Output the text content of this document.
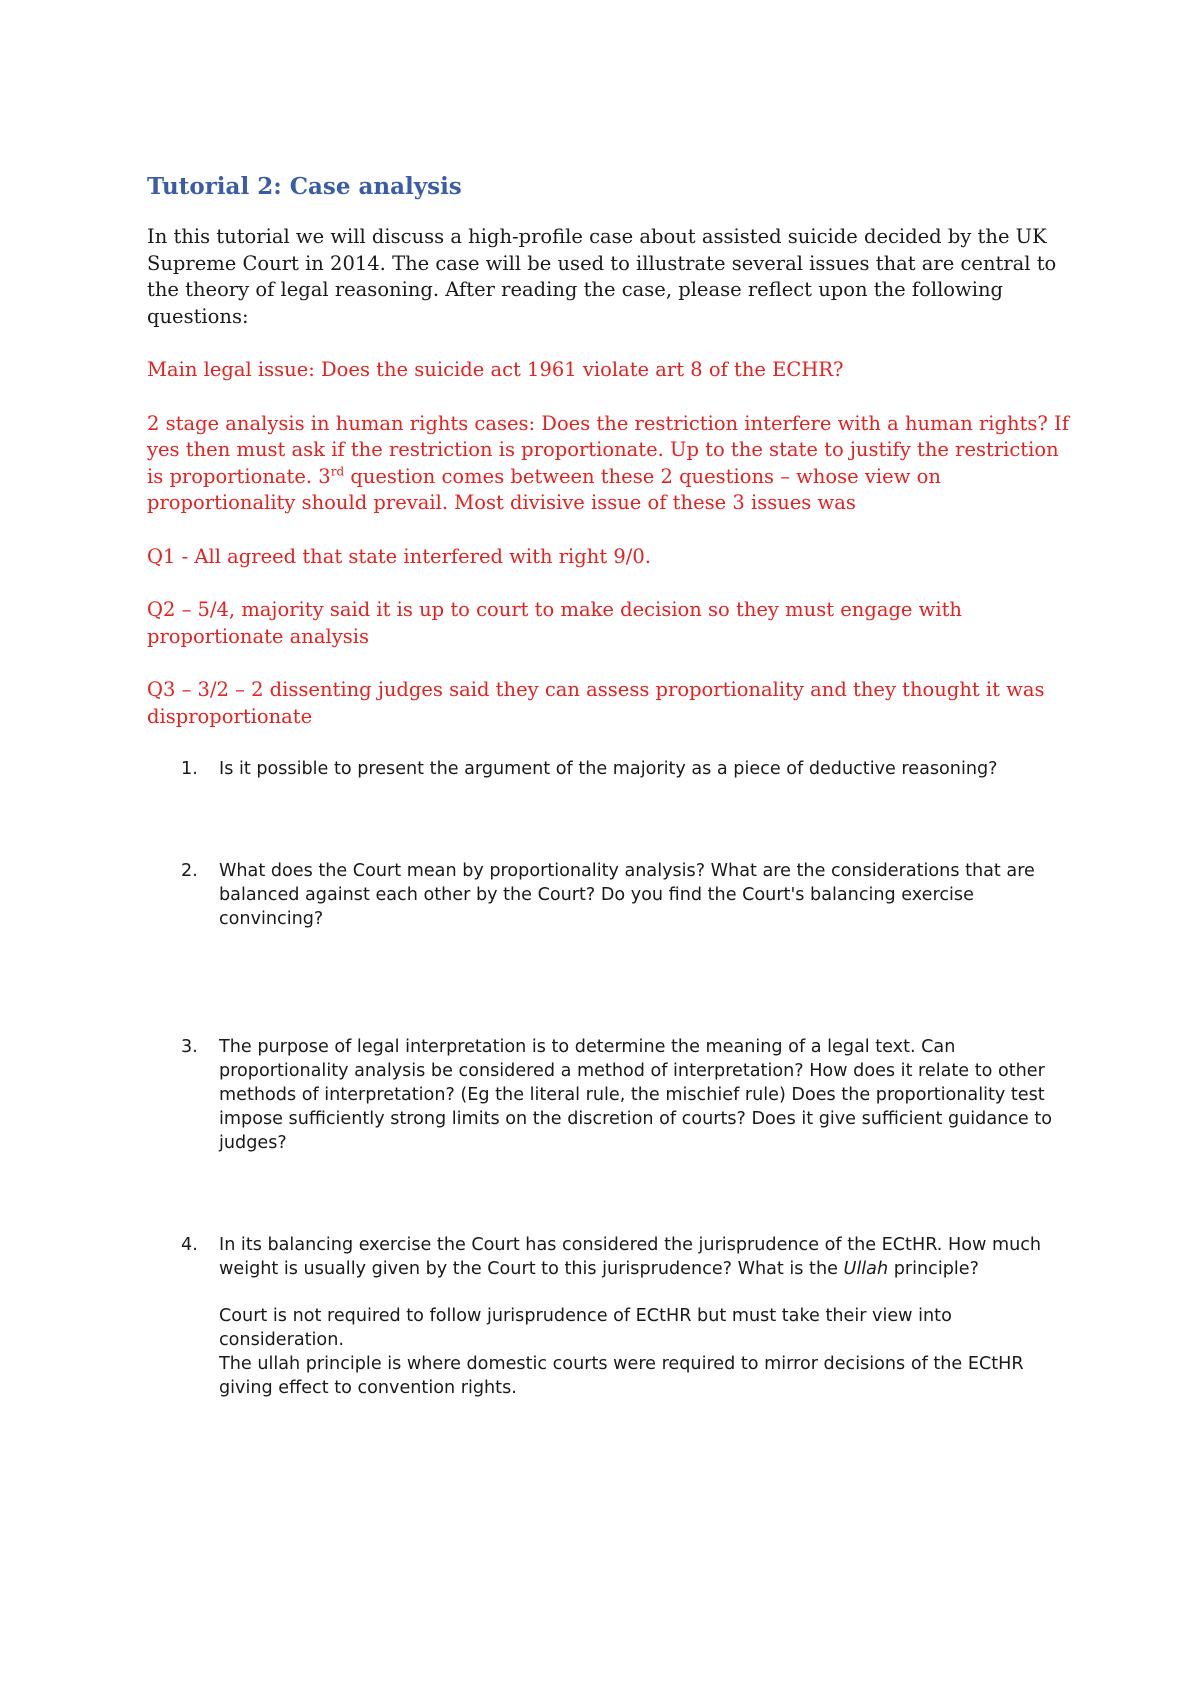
Tutorial 2: Case analysis

In this tutorial we will discuss a high-profile case about assisted suicide decided by the UK Supreme Court in 2014. The case will be used to illustrate several issues that are central to the theory of legal reasoning. After reading the case, please reflect upon the following questions:

Main legal issue: Does the suicide act 1961 violate art 8 of the ECHR?

2 stage analysis in human rights cases: Does the restriction interfere with a human rights? If yes then must ask if the restriction is proportionate. Up to the state to justify the restriction is proportionate. 3rd question comes between these 2 questions – whose view on proportionality should prevail. Most divisive issue of these 3 issues was

Q1 - All agreed that state interfered with right 9/0.

Q2 – 5/4, majority said it is up to court to make decision so they must engage with proportionate analysis

Q3 – 3/2 – 2 dissenting judges said they can assess proportionality and they thought it was disproportionate

1. Is it possible to present the argument of the majority as a piece of deductive reasoning?
2. What does the Court mean by proportionality analysis? What are the considerations that are balanced against each other by the Court? Do you find the Court's balancing exercise convincing?
3. The purpose of legal interpretation is to determine the meaning of a legal text. Can proportionality analysis be considered a method of interpretation? How does it relate to other methods of interpretation? (Eg the literal rule, the mischief rule) Does the proportionality test impose sufficiently strong limits on the discretion of courts? Does it give sufficient guidance to judges?
4. In its balancing exercise the Court has considered the jurisprudence of the ECtHR. How much weight is usually given by the Court to this jurisprudence? What is the Ullah principle?
Court is not required to follow jurisprudence of ECtHR but must take their view into consideration.
The ullah principle is where domestic courts were required to mirror decisions of the ECtHR giving effect to convention rights.
